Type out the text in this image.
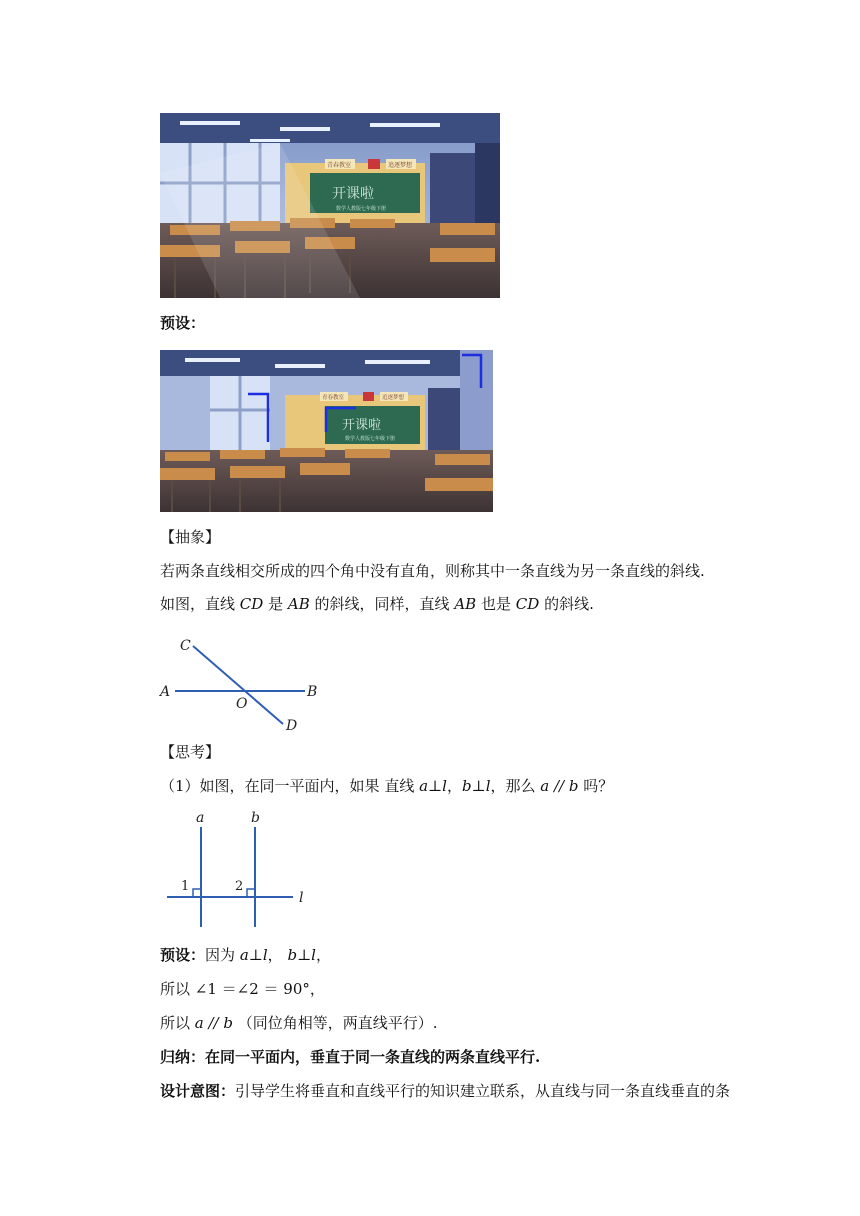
开课啦
数学人教版七年级下册
青春教室	追逐梦想
预设：
开课啦
数学人教版七年级下册
青春教室	追逐梦想
【抽象】
若两条直线相交所成的四个角中没有直角，则称其中一条直线为另一条直线的斜线.
如图，直线 CD 是 AB 的斜线，同样，直线 AB 也是 CD 的斜线.
C
A	B
O
D
【思考】
（1）如图，在同一平面内，如果 直线 a⊥l，b⊥l，那么 a // b 吗？
a	b
l
1	2
预设：因为 a⊥l， b⊥l，
所以 ∠1 ＝∠2 ＝ 90°，
所以 a // b （同位角相等，两直线平行）.
归纳：在同一平面内，垂直于同一条直线的两条直线平行.
设计意图：引导学生将垂直和直线平行的知识建立联系，从直线与同一条直线垂直的条
